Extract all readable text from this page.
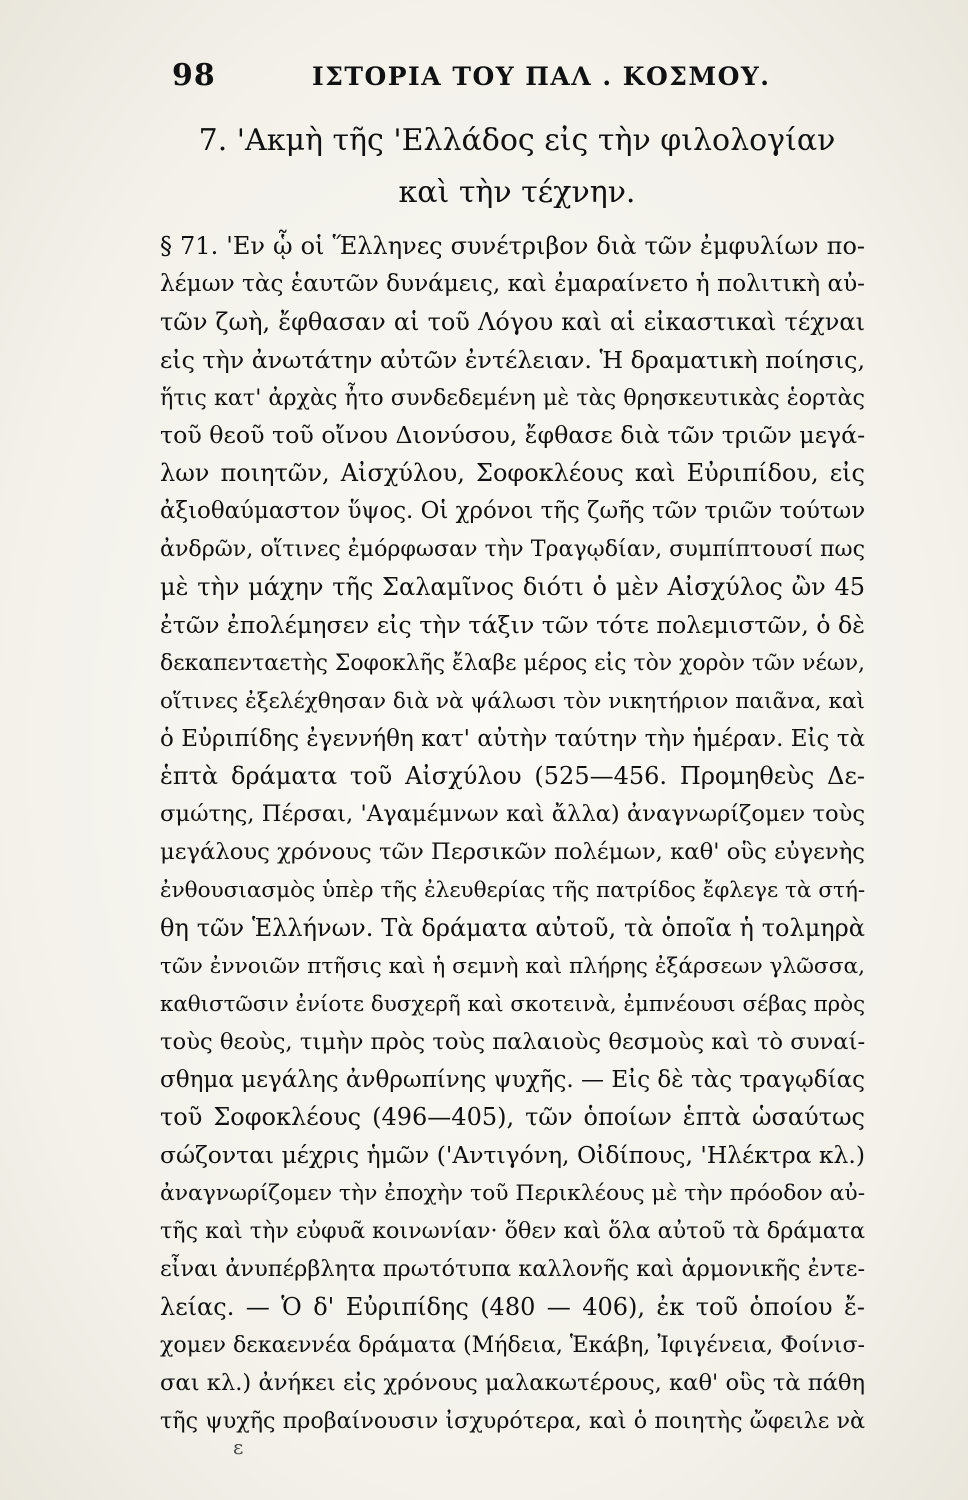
98	ΙΣΤΟΡΙΑ ΤΟΥ ΠΑΛ . ΚΟΣΜΟΥ.
7. 'Ακμὴ τῆς 'Ελλάδος εἰς τὴν φιλολογίαν
καὶ τὴν τέχνην.
§ 71. 'Εν ᾧ οἱ Ἕλληνες συνέτριβον διὰ τῶν ἐμφυλίων πο-
λέμων τὰς ἑαυτῶν δυνάμεις, καὶ ἐμαραίνετο ἡ πολιτικὴ αὐ-
τῶν ζωὴ, ἔφθασαν αἱ τοῦ Λόγου καὶ αἱ εἰκαστικαὶ τέχναι
εἰς τὴν ἀνωτάτην αὐτῶν ἐντέλειαν. Ἡ δραματικὴ ποίησις,
ἥτις κατ' ἀρχὰς ἦτο συνδεδεμένη μὲ τὰς θρησκευτικὰς ἑορτὰς
τοῦ θεοῦ τοῦ οἴνου Διονύσου, ἔφθασε διὰ τῶν τριῶν μεγά-
λων ποιητῶν, Αἰσχύλου, Σοφοκλέους καὶ Εὐριπίδου, εἰς
ἀξιοθαύμαστον ὕψος. Οἱ χρόνοι τῆς ζωῆς τῶν τριῶν τούτων
ἀνδρῶν, οἵτινες ἐμόρφωσαν τὴν Τραγῳδίαν, συμπίπτουσί πως
μὲ τὴν μάχην τῆς Σαλαμῖνος διότι ὁ μὲν Αἰσχύλος ὢν 45
ἐτῶν ἐπολέμησεν εἰς τὴν τάξιν τῶν τότε πολεμιστῶν, ὁ δὲ
δεκαπενταετὴς Σοφοκλῆς ἔλαβε μέρος εἰς τὸν χορὸν τῶν νέων,
οἵτινες ἐξελέχθησαν διὰ νὰ ψάλωσι τὸν νικητήριον παιᾶνα, καὶ
ὁ Εὐριπίδης ἐγεννήθη κατ' αὐτὴν ταύτην τὴν ἡμέραν. Εἰς τὰ
ἑπτὰ δράματα τοῦ Αἰσχύλου (525—456. Προμηθεὺς Δε-
σμώτης, Πέρσαι, 'Αγαμέμνων καὶ ἄλλα) ἀναγνωρίζομεν τοὺς
μεγάλους χρόνους τῶν Περσικῶν πολέμων, καθ' οὓς εὐγενὴς
ἐνθουσιασμὸς ὑπὲρ τῆς ἐλευθερίας τῆς πατρίδος ἔφλεγε τὰ στή-
θη τῶν Ἑλλήνων. Τὰ δράματα αὐτοῦ, τὰ ὁποῖα ἡ τολμηρὰ
τῶν ἐννοιῶν πτῆσις καὶ ἡ σεμνὴ καὶ πλήρης ἐξάρσεων γλῶσσα,
καθιστῶσιν ἐνίοτε δυσχερῆ καὶ σκοτεινὰ, ἐμπνέουσι σέβας πρὸς
τοὺς θεοὺς, τιμὴν πρὸς τοὺς παλαιοὺς θεσμοὺς καὶ τὸ συναί-
σθημα μεγάλης ἀνθρωπίνης ψυχῆς. — Εἰς δὲ τὰς τραγῳδίας
τοῦ Σοφοκλέους (496—405), τῶν ὁποίων ἑπτὰ ὡσαύτως
σώζονται μέχρις ἡμῶν ('Αντιγόνη, Οἰδίπους, 'Ηλέκτρα κλ.)
ἀναγνωρίζομεν τὴν ἐποχὴν τοῦ Περικλέους μὲ τὴν πρόοδον αὐ-
τῆς καὶ τὴν εὐφυᾶ κοινωνίαν· ὅθεν καὶ ὅλα αὐτοῦ τὰ δράματα
εἶναι ἀνυπέρβλητα πρωτότυπα καλλονῆς καὶ ἁρμονικῆς ἐντε-
λείας. — Ὁ δ' Εὐριπίδης (480 — 406), ἐκ τοῦ ὁποίου ἔ-
χομεν δεκαεννέα δράματα (Μήδεια, Ἑκάβη, Ἰφιγένεια, Φοίνισ-
σαι κλ.) ἀνήκει εἰς χρόνους μαλακωτέρους, καθ' οὓς τὰ πάθη
τῆς ψυχῆς προβαίνουσιν ἰσχυρότερα, καὶ ὁ ποιητὴς ὤφειλε νὰ
ɛ
